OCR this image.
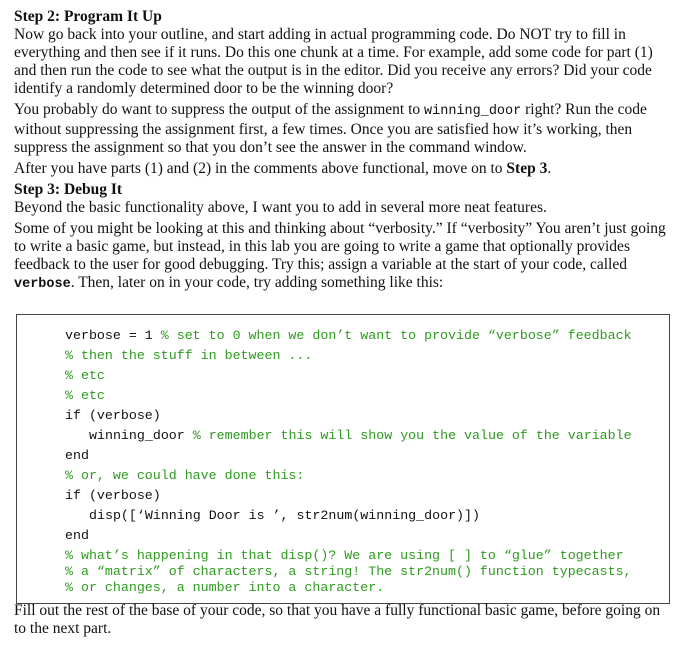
Step 2: Program It Up

Now go back into your outline, and start adding in actual programming code. Do NOT try to fill in everything and then see if it runs. Do this one chunk at a time. For example, add some code for part (1) and then run the code to see what the output is in the editor. Did you receive any errors? Did your code identify a randomly determined door to be the winning door?

You probably do want to suppress the output of the assignment to winning_door right? Run the code without suppressing the assignment first, a few times. Once you are satisfied how it’s working, then suppress the assignment so that you don’t see the answer in the command window.

After you have parts (1) and (2) in the comments above functional, move on to Step 3.

Step 3: Debug It

Beyond the basic functionality above, I want you to add in several more neat features.

Some of you might be looking at this and thinking about “verbosity.” If “verbosity” You aren’t just going to write a basic game, but instead, in this lab you are going to write a game that optionally provides feedback to the user for good debugging. Try this; assign a variable at the start of your code, called verbose. Then, later on in your code, try adding something like this:

verbose = 1 % set to 0 when we don’t want to provide “verbose” feedback
% then the stuff in between ...
% etc
% etc
if (verbose)
winning_door % remember this will show you the value of the variable
end
% or, we could have done this:
if (verbose)
disp([‘Winning Door is ’, str2num(winning_door)])
end
% what’s happening in that disp()? We are using [ ] to “glue” together
% a “matrix” of characters, a string! The str2num() function typecasts,
% or changes, a number into a character.

Fill out the rest of the base of your code, so that you have a fully functional basic game, before going on to the next part.
